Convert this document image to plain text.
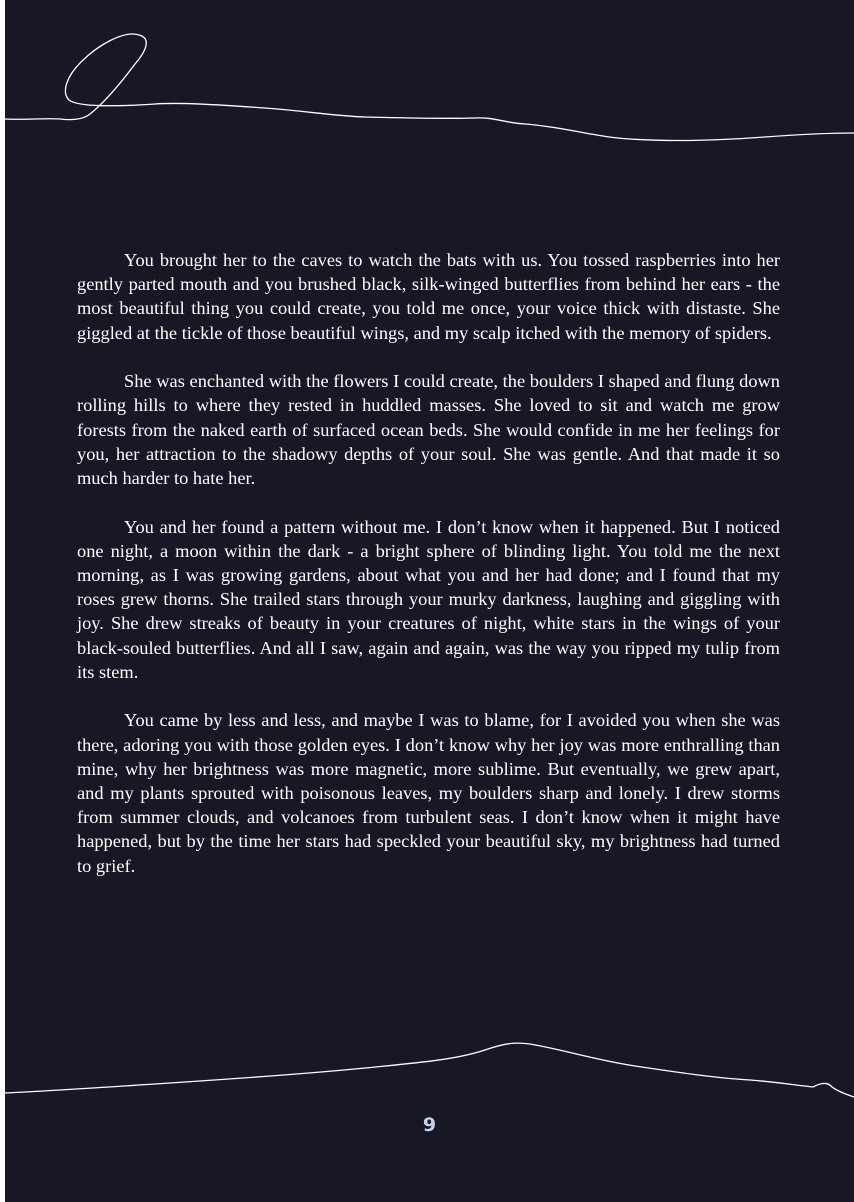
You brought her to the caves to watch the bats with us. You tossed raspberries into her gently parted mouth and you brushed black, silk-winged butterflies from behind her ears - the most beautiful thing you could create, you told me once, your voice thick with distaste. She giggled at the tickle of those beautiful wings, and my scalp itched with the memory of spiders.

She was enchanted with the flowers I could create, the boulders I shaped and flung down rolling hills to where they rested in huddled masses. She loved to sit and watch me grow forests from the naked earth of surfaced ocean beds. She would confide in me her feelings for you, her attraction to the shadowy depths of your soul. She was gentle. And that made it so much harder to hate her.

You and her found a pattern without me. I don’t know when it happened. But I noticed one night, a moon within the dark - a bright sphere of blinding light. You told me the next morning, as I was growing gardens, about what you and her had done; and I found that my roses grew thorns. She trailed stars through your murky darkness, laughing and giggling with joy. She drew streaks of beauty in your creatures of night, white stars in the wings of your black-souled butterflies. And all I saw, again and again, was the way you ripped my tulip from its stem.

You came by less and less, and maybe I was to blame, for I avoided you when she was there, adoring you with those golden eyes. I don’t know why her joy was more enthralling than mine, why her brightness was more magnetic, more sublime. But eventually, we grew apart, and my plants sprouted with poisonous leaves, my boulders sharp and lonely. I drew storms from summer clouds, and volcanoes from turbulent seas. I don’t know when it might have happened, but by the time her stars had speckled your beautiful sky, my brightness had turned to grief.

9
